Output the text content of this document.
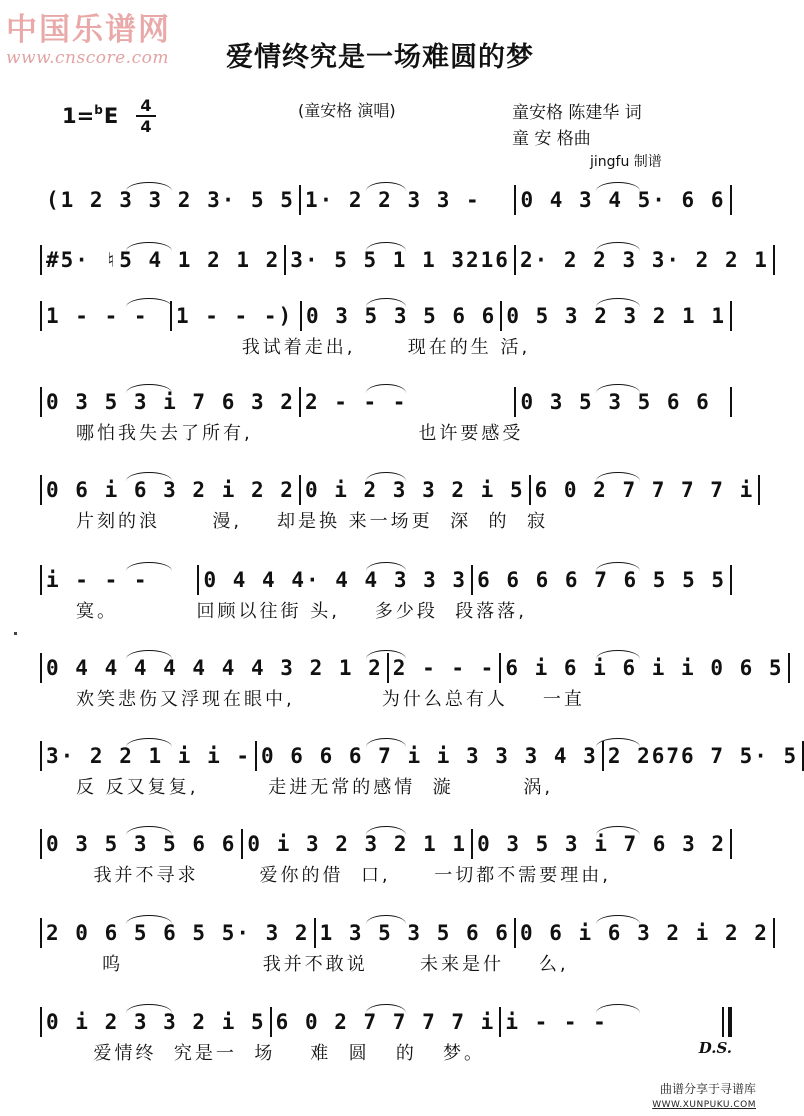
中国乐谱网
www.cnscore.com	爱情终究是一场难圆的梦
1=$^b$E 4
4
(童安格 演唱)	童安格 陈建华 词
童 安 格曲
jingfu 制谱
(1 2 3 3 2 3· 5 5 1· 2 2 3 3 -	0 4 3 4 5· 6 6
#5· ♮5 4 1 2 1 2 3· 5 5 1 1 3216 2· 2 2 3 3· 2 2 1
1 - - -	1 - - -) 0 3 5 3 5 6 6 0 5 3 2 3 2 1 1
我试着走出,      现在的生 活,
0 3 5 3 i 7 6 3 2 2 - - -	0 3 5 3 5 6 6
哪怕我失去了所有,                   也许要感受
0 6 i 6 3 2 i 2 2 0 i 2 3 3 2 i 5 6 0 2 7 7 7 7 i
片刻的浪      漫,    却是换 来一场更  深  的  寂
i - - -	0 4 4 4· 4 4 3 3 3 6 6 6 6 7 6 5 5 5
寞。         回顾以往街 头,    多少段  段落落,
0 4 4 4 4 4 4 4 3 2 1 2 2 - - - 6 i 6 i 6 i i 0 6 5
欢笑悲伤又浮现在眼中,          为什么总有人    一直
3· 2 2 1 i i - 0 6 6 6 7 i i 3 3 3 4 3 2 2676 7 5· 5
反 反又复复,        走进无常的感情  漩        涡,
0 3 5 3 5 6 6 0 i 3 2 3 2 1 1 0 3 5 3 i 7 6 3 2
我并不寻求       爱你的借  口,     一切都不需要理由,
2 0 6 5 6 5 5· 3 2 1 3 5 3 5 6 6 0 6 i 6 3 2 i 2 2
呜                我并不敢说      未来是什    么,
0 i 2 3 3 2 i 5 6 0 2 7 7 7 7 i i - - -
爱情终  究是一  场    难  圆   的   梦。	D.S.
曲谱分享于寻谱库
WWW.XUNPUKU.COM
